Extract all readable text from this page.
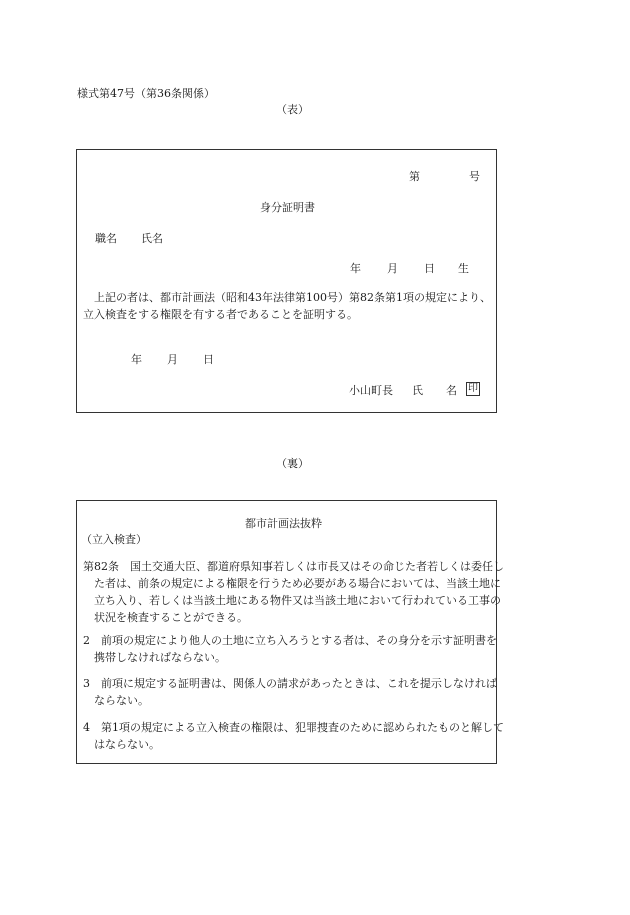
様式第47号（第36条関係）
（表）
第	号
身分証明書
職名 氏名
年 月 日 生
上記の者は、都市計画法（昭和43年法律第100号）第82条第1項の規定により、立入検査をする権限を有する者であることを証明する。
年 月 日
小山町長 氏 名	印
（裏）
都市計画法抜粋
（立入検査）
第82条　国土交通大臣、都道府県知事若しくは市長又はその命じた者若しくは委任した者は、前条の規定による権限を行うため必要がある場合においては、当該土地に立ち入り、若しくは当該土地にある物件又は当該土地において行われている工事の状況を検査することができる。
2　前項の規定により他人の土地に立ち入ろうとする者は、その身分を示す証明書を携帯しなければならない。
3　前項に規定する証明書は、関係人の請求があったときは、これを提示しなければならない。
4　第1項の規定による立入検査の権限は、犯罪捜査のために認められたものと解してはならない。
